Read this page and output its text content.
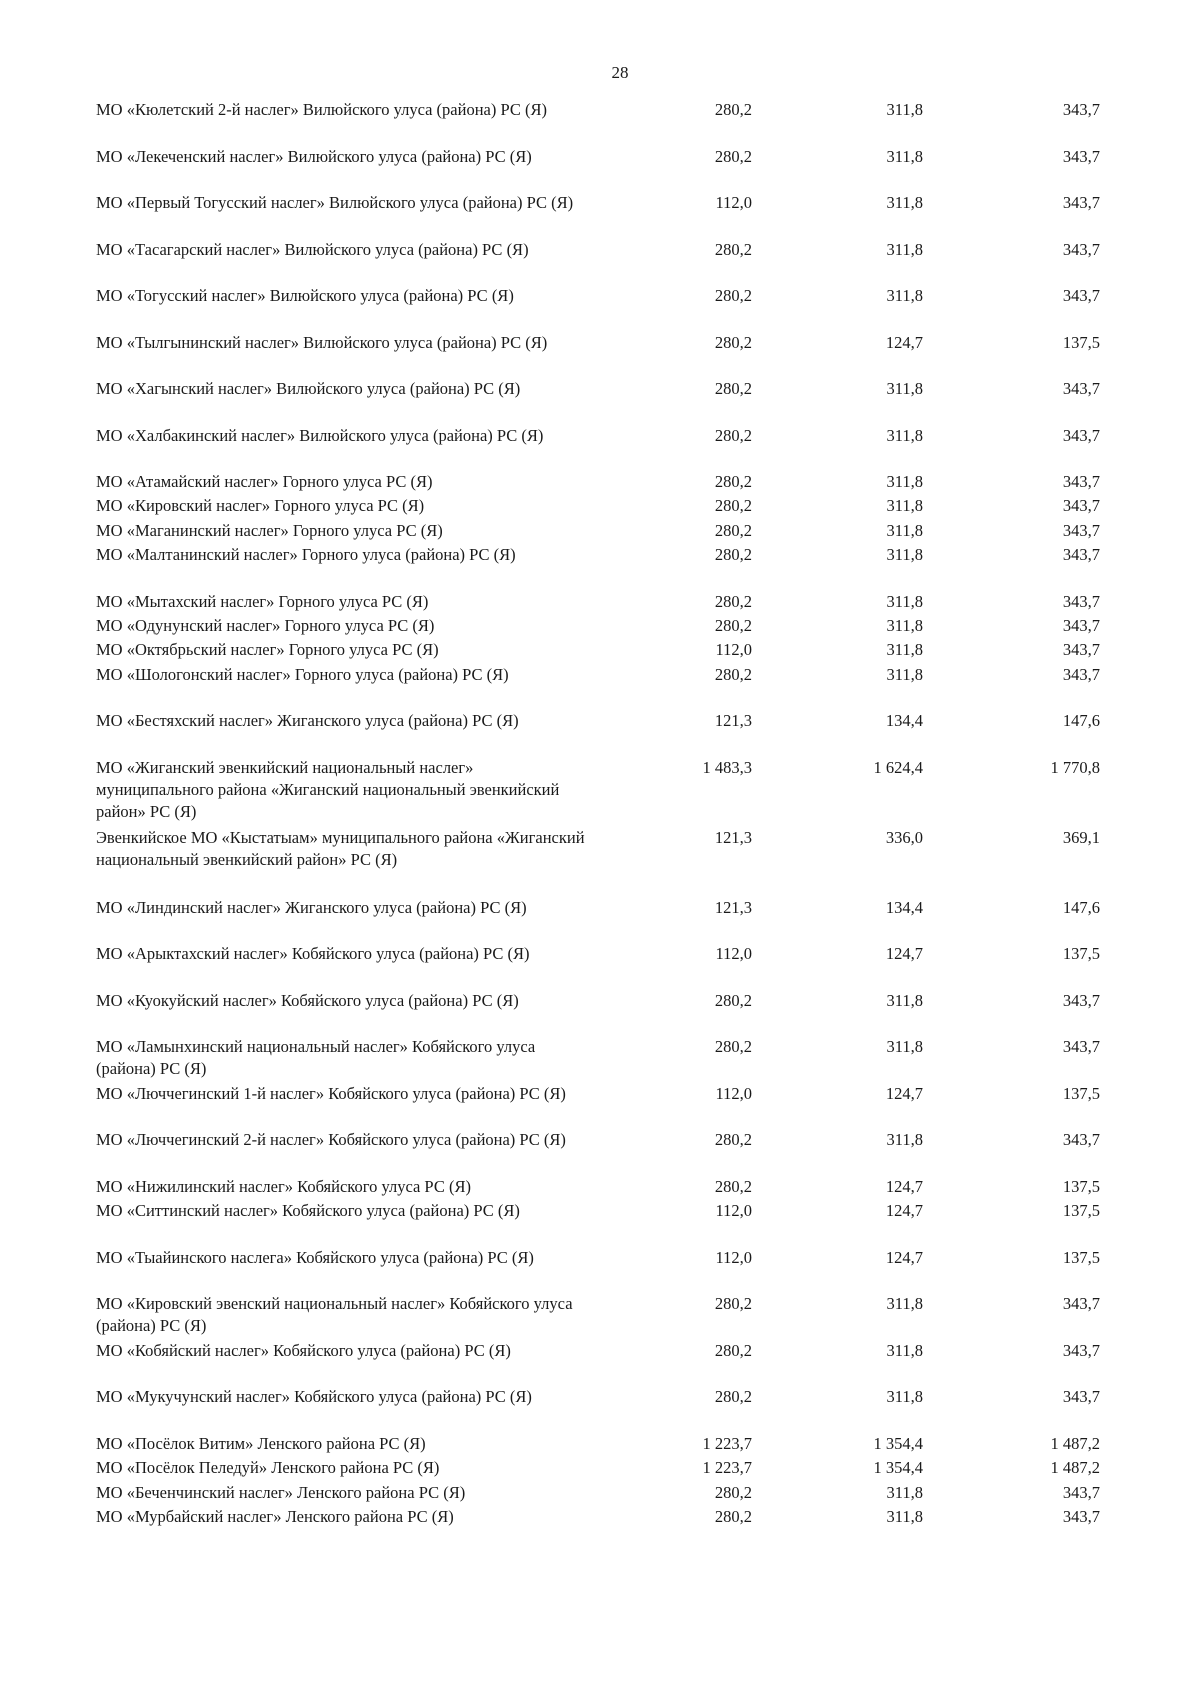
28
МО «Кюлетский 2-й наслег» Вилюйского улуса (района) РС (Я)	280,2	311,8	343,7
МО «Лекеченский наслег» Вилюйского улуса (района) РС (Я)	280,2	311,8	343,7
МО «Первый Тогусский наслег» Вилюйского улуса (района) РС (Я)	112,0	311,8	343,7
МО «Тасагарский наслег» Вилюйского улуса (района) РС (Я)	280,2	311,8	343,7
МО «Тогусский наслег» Вилюйского улуса (района) РС (Я)	280,2	311,8	343,7
МО «Тылгынинский наслег» Вилюйского улуса (района) РС (Я)	280,2	124,7	137,5
МО «Хагынский наслег» Вилюйского улуса (района) РС (Я)	280,2	311,8	343,7
МО «Халбакинский наслег» Вилюйского улуса (района) РС (Я)	280,2	311,8	343,7
МО «Атамайский наслег» Горного улуса РС (Я)	280,2	311,8	343,7
МО «Кировский наслег» Горного улуса РС (Я)	280,2	311,8	343,7
МО «Маганинский наслег» Горного улуса РС (Я)	280,2	311,8	343,7
МО «Малтанинский наслег» Горного улуса (района) РС (Я)	280,2	311,8	343,7
МО «Мытахский наслег» Горного улуса РС (Я)	280,2	311,8	343,7
МО «Одунунский наслег» Горного улуса РС (Я)	280,2	311,8	343,7
МО «Октябрьский наслег» Горного улуса РС (Я)	112,0	311,8	343,7
МО «Шологонский наслег» Горного улуса (района) РС (Я)	280,2	311,8	343,7
МО «Бестяхский наслег» Жиганского улуса (района) РС (Я)	121,3	134,4	147,6
МО «Жиганский эвенкийский национальный наслег» муниципального района «Жиганский национальный эвенкийский район» РС (Я)
1 483,3	1 624,4	1 770,8
Эвенкийское МО «Кыстатыам» муниципального района «Жиганский национальный эвенкийский район» РС (Я)
121,3	336,0	369,1
МО «Линдинский наслег» Жиганского улуса (района) РС (Я)	121,3	134,4	147,6
МО «Арыктахский наслег» Кобяйского улуса (района) РС (Я)	112,0	124,7	137,5
МО «Куокуйский наслег» Кобяйского улуса (района) РС (Я)	280,2	311,8	343,7
МО «Ламынхинский национальный наслег» Кобяйского улуса (района) РС (Я)
280,2	311,8	343,7
МО «Люччегинский 1-й наслег» Кобяйского улуса (района) РС (Я)	112,0	124,7	137,5
МО «Люччегинский 2-й наслег» Кобяйского улуса (района) РС (Я)	280,2	311,8	343,7
МО «Нижилинский наслег» Кобяйского улуса РС (Я)	280,2	124,7	137,5
МО «Ситтинский наслег» Кобяйского улуса (района) РС (Я)	112,0	124,7	137,5
МО «Тыайинского наслега» Кобяйского улуса (района) РС (Я)	112,0	124,7	137,5
МО «Кировский эвенский национальный наслег» Кобяйского улуса (района) РС (Я)
280,2	311,8	343,7
МО «Кобяйский наслег» Кобяйского улуса (района) РС (Я)	280,2	311,8	343,7
МО «Мукучунский наслег» Кобяйского улуса (района) РС (Я)	280,2	311,8	343,7
МО «Посёлок Витим» Ленского района РС (Я)	1 223,7	1 354,4	1 487,2
МО «Посёлок Пеледуй» Ленского района РС (Я)	1 223,7	1 354,4	1 487,2
МО «Беченчинский наслег» Ленского района РС (Я)	280,2	311,8	343,7
МО «Мурбайский наслег» Ленского района РС (Я)	280,2	311,8	343,7
